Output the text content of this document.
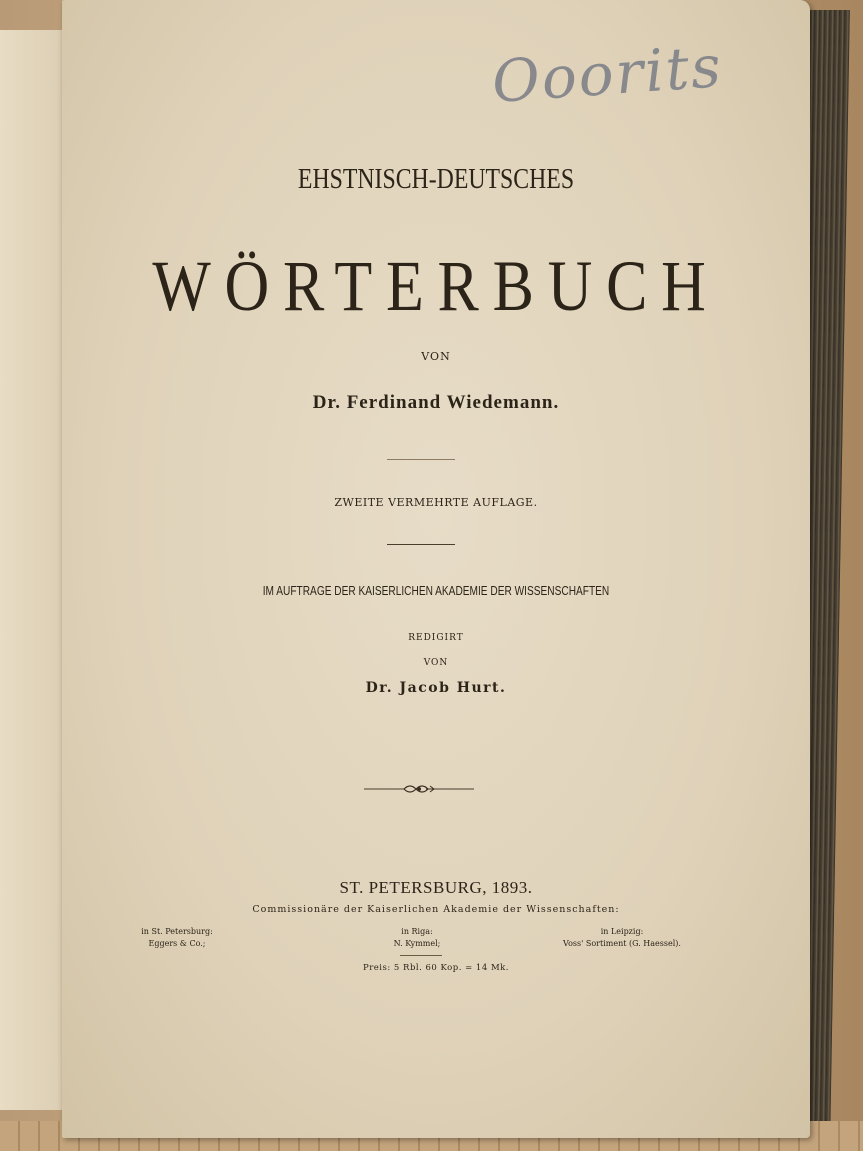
Ooorits
EHSTNISCH-DEUTSCHES
WÖRTERBUCH
VON
Dr. Ferdinand Wiedemann.
ZWEITE VERMEHRTE AUFLAGE.
IM AUFTRAGE DER KAISERLICHEN AKADEMIE DER WISSENSCHAFTEN
REDIGIRT
VON
Dr. Jacob Hurt.
ST. PETERSBURG, 1893.
Commissionäre der Kaiserlichen Akademie der Wissenschaften:
in St. Petersburg:
Eggers & Co.;
in Riga:
N. Kymmel;
in Leipzig:
Voss' Sortiment (G. Haessel).
Preis: 5 Rbl. 60 Kop. = 14 Mk.
